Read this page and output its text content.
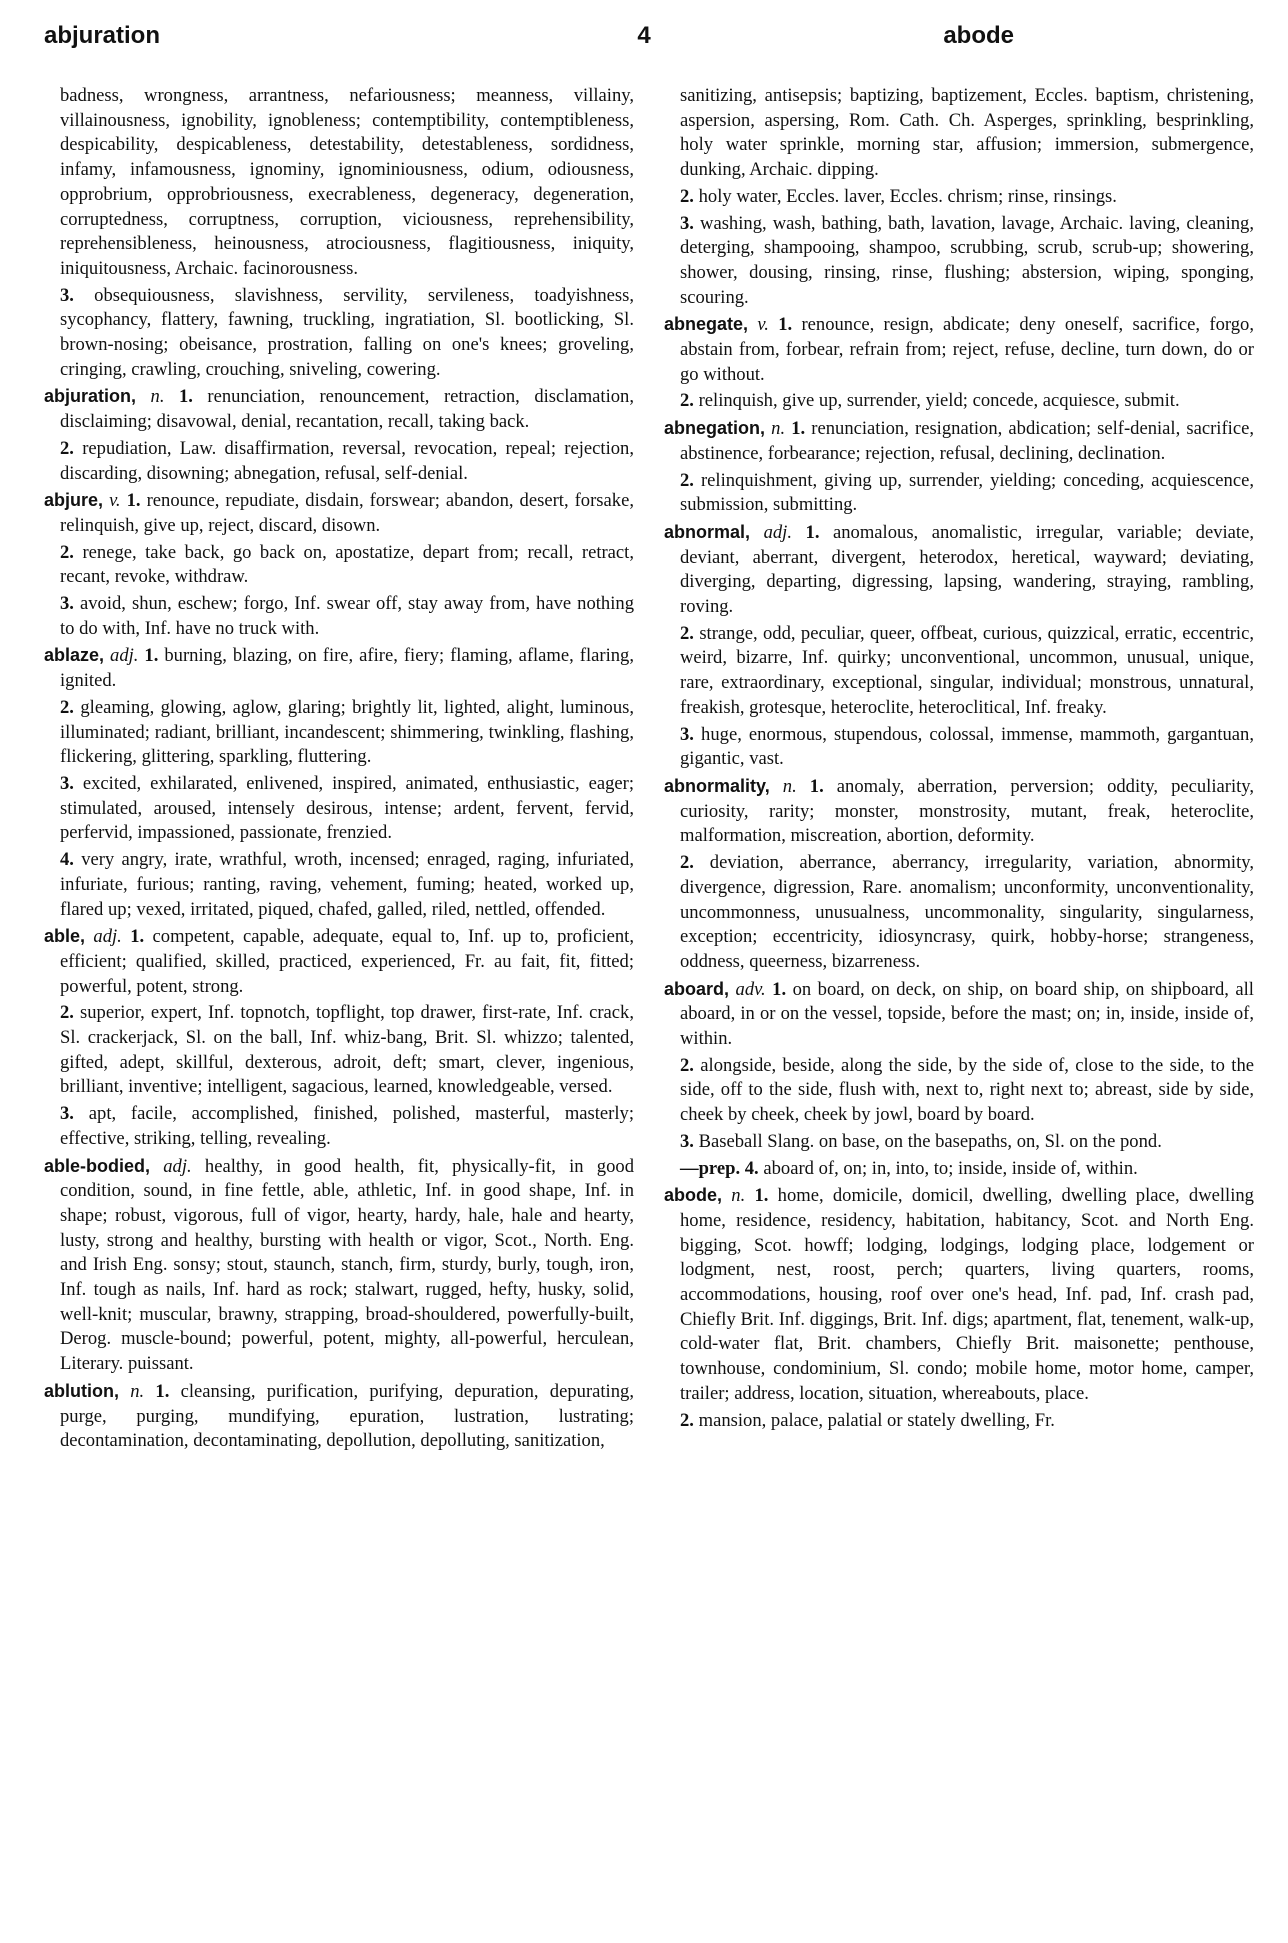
abjuration	4	abode

badness, wrongness, arrantness, nefariousness; meanness, villainy, villainousness, ignobility, ignobleness; contemptibility, contemptibleness, despicability, despicableness, detestability, detestableness, sordidness, infamy, infamousness, ignominy, ignominiousness, odium, odiousness, opprobrium, opprobriousness, execrableness, degeneracy, degeneration, corruptedness, corruptness, corruption, viciousness, reprehensibility, reprehensibleness, heinousness, atrociousness, flagitiousness, iniquity, iniquitousness, Archaic. facinorousness.

3. obsequiousness, slavishness, servility, servileness, toadyishness, sycophancy, flattery, fawning, truckling, ingratiation, Sl. bootlicking, Sl. brown-nosing; obeisance, prostration, falling on one's knees; groveling, cringing, crawling, crouching, sniveling, cowering.

abjuration, n. 1. renunciation, renouncement, retraction, disclamation, disclaiming; disavowal, denial, recantation, recall, taking back.

2. repudiation, Law. disaffirmation, reversal, revocation, repeal; rejection, discarding, disowning; abnegation, refusal, self-denial.

abjure, v. 1. renounce, repudiate, disdain, forswear; abandon, desert, forsake, relinquish, give up, reject, discard, disown.

2. renege, take back, go back on, apostatize, depart from; recall, retract, recant, revoke, withdraw.

3. avoid, shun, eschew; forgo, Inf. swear off, stay away from, have nothing to do with, Inf. have no truck with.

ablaze, adj. 1. burning, blazing, on fire, afire, fiery; flaming, aflame, flaring, ignited.

2. gleaming, glowing, aglow, glaring; brightly lit, lighted, alight, luminous, illuminated; radiant, brilliant, incandescent; shimmering, twinkling, flashing, flickering, glittering, sparkling, fluttering.

3. excited, exhilarated, enlivened, inspired, animated, enthusiastic, eager; stimulated, aroused, intensely desirous, intense; ardent, fervent, fervid, perfervid, impassioned, passionate, frenzied.

4. very angry, irate, wrathful, wroth, incensed; enraged, raging, infuriated, infuriate, furious; ranting, raving, vehement, fuming; heated, worked up, flared up; vexed, irritated, piqued, chafed, galled, riled, nettled, offended.

able, adj. 1. competent, capable, adequate, equal to, Inf. up to, proficient, efficient; qualified, skilled, practiced, experienced, Fr. au fait, fit, fitted; powerful, potent, strong.

2. superior, expert, Inf. topnotch, topflight, top drawer, first-rate, Inf. crack, Sl. crackerjack, Sl. on the ball, Inf. whiz-bang, Brit. Sl. whizzo; talented, gifted, adept, skillful, dexterous, adroit, deft; smart, clever, ingenious, brilliant, inventive; intelligent, sagacious, learned, knowledgeable, versed.

3. apt, facile, accomplished, finished, polished, masterful, masterly; effective, striking, telling, revealing.

able-bodied, adj. healthy, in good health, fit, physically-fit, in good condition, sound, in fine fettle, able, athletic, Inf. in good shape, Inf. in shape; robust, vigorous, full of vigor, hearty, hardy, hale, hale and hearty, lusty, strong and healthy, bursting with health or vigor, Scot., North. Eng. and Irish Eng. sonsy; stout, staunch, stanch, firm, sturdy, burly, tough, iron, Inf. tough as nails, Inf. hard as rock; stalwart, rugged, hefty, husky, solid, well-knit; muscular, brawny, strapping, broad-shouldered, powerfully-built, Derog. muscle-bound; powerful, potent, mighty, all-powerful, herculean, Literary. puissant.

ablution, n. 1. cleansing, purification, purifying, depuration, depurating, purge, purging, mundifying, epuration, lustration, lustrating; decontamination, decontaminating, depollution, depolluting, sanitization,

sanitizing, antisepsis; baptizing, baptizement, Eccles. baptism, christening, aspersion, aspersing, Rom. Cath. Ch. Asperges, sprinkling, besprinkling, holy water sprinkle, morning star, affusion; immersion, submergence, dunking, Archaic. dipping.

2. holy water, Eccles. laver, Eccles. chrism; rinse, rinsings.

3. washing, wash, bathing, bath, lavation, lavage, Archaic. laving, cleaning, deterging, shampooing, shampoo, scrubbing, scrub, scrub-up; showering, shower, dousing, rinsing, rinse, flushing; abstersion, wiping, sponging, scouring.

abnegate, v. 1. renounce, resign, abdicate; deny oneself, sacrifice, forgo, abstain from, forbear, refrain from; reject, refuse, decline, turn down, do or go without.

2. relinquish, give up, surrender, yield; concede, acquiesce, submit.

abnegation, n. 1. renunciation, resignation, abdication; self-denial, sacrifice, abstinence, forbearance; rejection, refusal, declining, declination.

2. relinquishment, giving up, surrender, yielding; conceding, acquiescence, submission, submitting.

abnormal, adj. 1. anomalous, anomalistic, irregular, variable; deviate, deviant, aberrant, divergent, heterodox, heretical, wayward; deviating, diverging, departing, digressing, lapsing, wandering, straying, rambling, roving.

2. strange, odd, peculiar, queer, offbeat, curious, quizzical, erratic, eccentric, weird, bizarre, Inf. quirky; unconventional, uncommon, unusual, unique, rare, extraordinary, exceptional, singular, individual; monstrous, unnatural, freakish, grotesque, heteroclite, heteroclitical, Inf. freaky.

3. huge, enormous, stupendous, colossal, immense, mammoth, gargantuan, gigantic, vast.

abnormality, n. 1. anomaly, aberration, perversion; oddity, peculiarity, curiosity, rarity; monster, monstrosity, mutant, freak, heteroclite, malformation, miscreation, abortion, deformity.

2. deviation, aberrance, aberrancy, irregularity, variation, abnormity, divergence, digression, Rare. anomalism; unconformity, unconventionality, uncommonness, unusualness, uncommonality, singularity, singularness, exception; eccentricity, idiosyncrasy, quirk, hobby-horse; strangeness, oddness, queerness, bizarreness.

aboard, adv. 1. on board, on deck, on ship, on board ship, on shipboard, all aboard, in or on the vessel, topside, before the mast; on; in, inside, inside of, within.

2. alongside, beside, along the side, by the side of, close to the side, to the side, off to the side, flush with, next to, right next to; abreast, side by side, cheek by cheek, cheek by jowl, board by board.

3. Baseball Slang. on base, on the basepaths, on, Sl. on the pond.

—prep. 4. aboard of, on; in, into, to; inside, inside of, within.

abode, n. 1. home, domicile, domicil, dwelling, dwelling place, dwelling home, residence, residency, habitation, habitancy, Scot. and North Eng. bigging, Scot. howff; lodging, lodgings, lodging place, lodgement or lodgment, nest, roost, perch; quarters, living quarters, rooms, accommodations, housing, roof over one's head, Inf. pad, Inf. crash pad, Chiefly Brit. Inf. diggings, Brit. Inf. digs; apartment, flat, tenement, walk-up, cold-water flat, Brit. chambers, Chiefly Brit. maisonette; penthouse, townhouse, condominium, Sl. condo; mobile home, motor home, camper, trailer; address, location, situation, whereabouts, place.

2. mansion, palace, palatial or stately dwelling, Fr.
